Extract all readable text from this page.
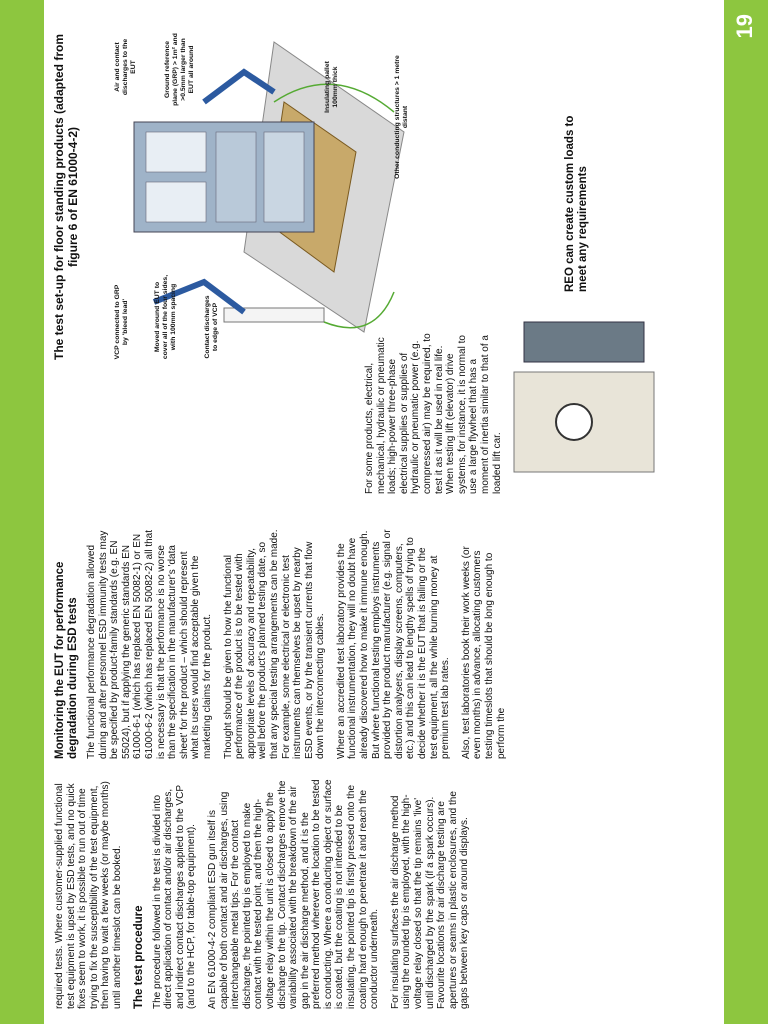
19

The test set-up for floor standing products (adapted from figure 6 of EN 61000-4-2)

VCP connected to GRP by 'bleed lead'	Moved around EUT to cover all of the four sides, with 100mm spacing	Contact discharges to edge of VCP
Air and contact discharges to the EUT	Ground reference plane (GRP) > 1m² and >0.5mm larger than EUT all around	Insulating pallet 100mm thick	Other conducting structures > 1 metre distant

For some products, electrical, mechanical, hydraulic or pneumatic loads; high-power three-phase electrical supplies or supplies of hydraulic or pneumatic power (e.g. compressed air) may be required, to test it as it will be used in real life. When testing lift (elevator) drive systems, for instance, it is normal to use a large flywheel that has a moment of inertia similar to that of a loaded lift car.

REO can create custom loads to meet any requirements

Monitoring the EUT for performance degradation during ESD tests The functional performance degradation allowed during and after personnel ESD immunity tests may be specified by product-family standards (e.g. EN 55024), but if applying the generic standards EN 61000-6-1 (which has replaced EN 50082-1) or EN 61000-6-2 (which has replaced EN 50082-2) all that is necessary is that the performance is no worse than the specification in the manufacturer's 'data sheet' for the product – which should represent what its users would find acceptable given the marketing claims for the product. Thought should be given to how the functional performance of the product is to be tested with appropriate levels of accuracy and repeatability, well before the product's planned testing date, so that any special testing arrangements can be made. For example, some electrical or electronic test instruments can themselves be upset by nearby ESD events, or by the transient currents that flow down the interconnecting cables. Where an accredited test laboratory provides the functional instrumentation, they will no doubt have already discovered how to make it immune enough. But where functional testing employs instruments provided by the product manufacturer (e.g. signal or distortion analysers, display screens, computers, etc.) and this can lead to lengthy spells of trying to decide whether it is the EUT that is failing or the test equipment, all the while burning money at premium test lab rates. Also, test laboratories book their work weeks (or even months) in advance, allocating customers testing timeslots that should be long enough to perform the

required tests. Where customer-supplied functional test equipment is upset by ESD tests, and no quick fixes seem to work, it is possible to run out of time trying to fix the susceptibility of the test equipment, then having to wait a few weeks (or maybe months) until another timeslot can be booked. The test procedure The procedure followed in the test is divided into direct application of contact and/or air discharges, and indirect contact discharges applied to the VCP (and to the HCP, for table-top equipment). An EN 61000-4-2 compliant ESD gun itself is capable of both contact and air discharges, using interchangeable metal tips. For the contact discharge, the pointed tip is employed to make contact with the tested point, and then the high-voltage relay within the unit is closed to apply the discharge to the tip. Contact discharges remove the variability associated with the breakdown of the air gap in the air discharge method, and it is the preferred method wherever the location to be tested is conducting. Where a conducting object or surface is coated, but the coating is not intended to be insulating, the pointed tip is firstly pressed onto the coating hard enough to penetrate it and reach the conductor underneath. For insulating surfaces the air discharge method using the rounded tip is employed, with the high-voltage relay closed so that the tip remains 'live' until discharged by the spark (if a spark occurs). Favourite locations for air discharge testing are apertures or seams in plastic enclosures, and the gaps between key caps or around displays.
